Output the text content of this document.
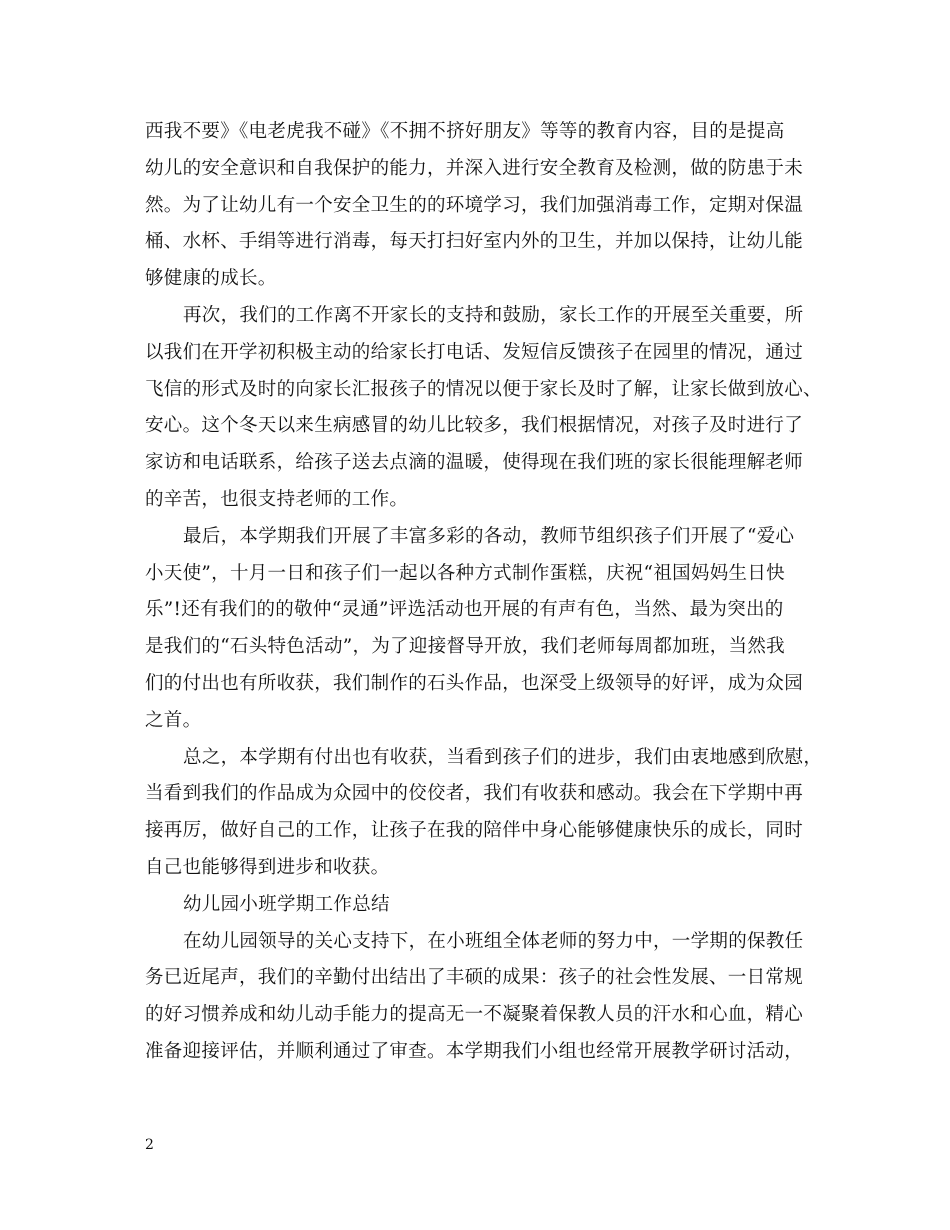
西我不要》《电老虎我不碰》《不拥不挤好朋友》等等的教育内容，目的是提高
幼儿的安全意识和自我保护的能力，并深入进行安全教育及检测，做的防患于未
然。为了让幼儿有一个安全卫生的的环境学习，我们加强消毒工作，定期对保温
桶、水杯、手绢等进行消毒，每天打扫好室内外的卫生，并加以保持，让幼儿能
够健康的成长。
再次，我们的工作离不开家长的支持和鼓励，家长工作的开展至关重要，所
以我们在开学初积极主动的给家长打电话、发短信反馈孩子在园里的情况，通过
飞信的形式及时的向家长汇报孩子的情况以便于家长及时了解，让家长做到放心、
安心。这个冬天以来生病感冒的幼儿比较多，我们根据情况，对孩子及时进行了
家访和电话联系，给孩子送去点滴的温暖，使得现在我们班的家长很能理解老师
的辛苦，也很支持老师的工作。
最后，本学期我们开展了丰富多彩的各动，教师节组织孩子们开展了“爱心
小天使”，十月一日和孩子们一起以各种方式制作蛋糕，庆祝“祖国妈妈生日快
乐”!还有我们的的敬仲“灵通”评选活动也开展的有声有色，当然、最为突出的
是我们的“石头特色活动”，为了迎接督导开放，我们老师每周都加班，当然我
们的付出也有所收获，我们制作的石头作品，也深受上级领导的好评，成为众园
之首。
总之，本学期有付出也有收获，当看到孩子们的进步，我们由衷地感到欣慰，
当看到我们的作品成为众园中的佼佼者，我们有收获和感动。我会在下学期中再
接再厉，做好自己的工作，让孩子在我的陪伴中身心能够健康快乐的成长，同时
自己也能够得到进步和收获。
幼儿园小班学期工作总结
在幼儿园领导的关心支持下，在小班组全体老师的努力中，一学期的保教任
务已近尾声，我们的辛勤付出结出了丰硕的成果：孩子的社会性发展、一日常规
的好习惯养成和幼儿动手能力的提高无一不凝聚着保教人员的汗水和心血，精心
准备迎接评估，并顺利通过了审查。本学期我们小组也经常开展教学研讨活动，
2
